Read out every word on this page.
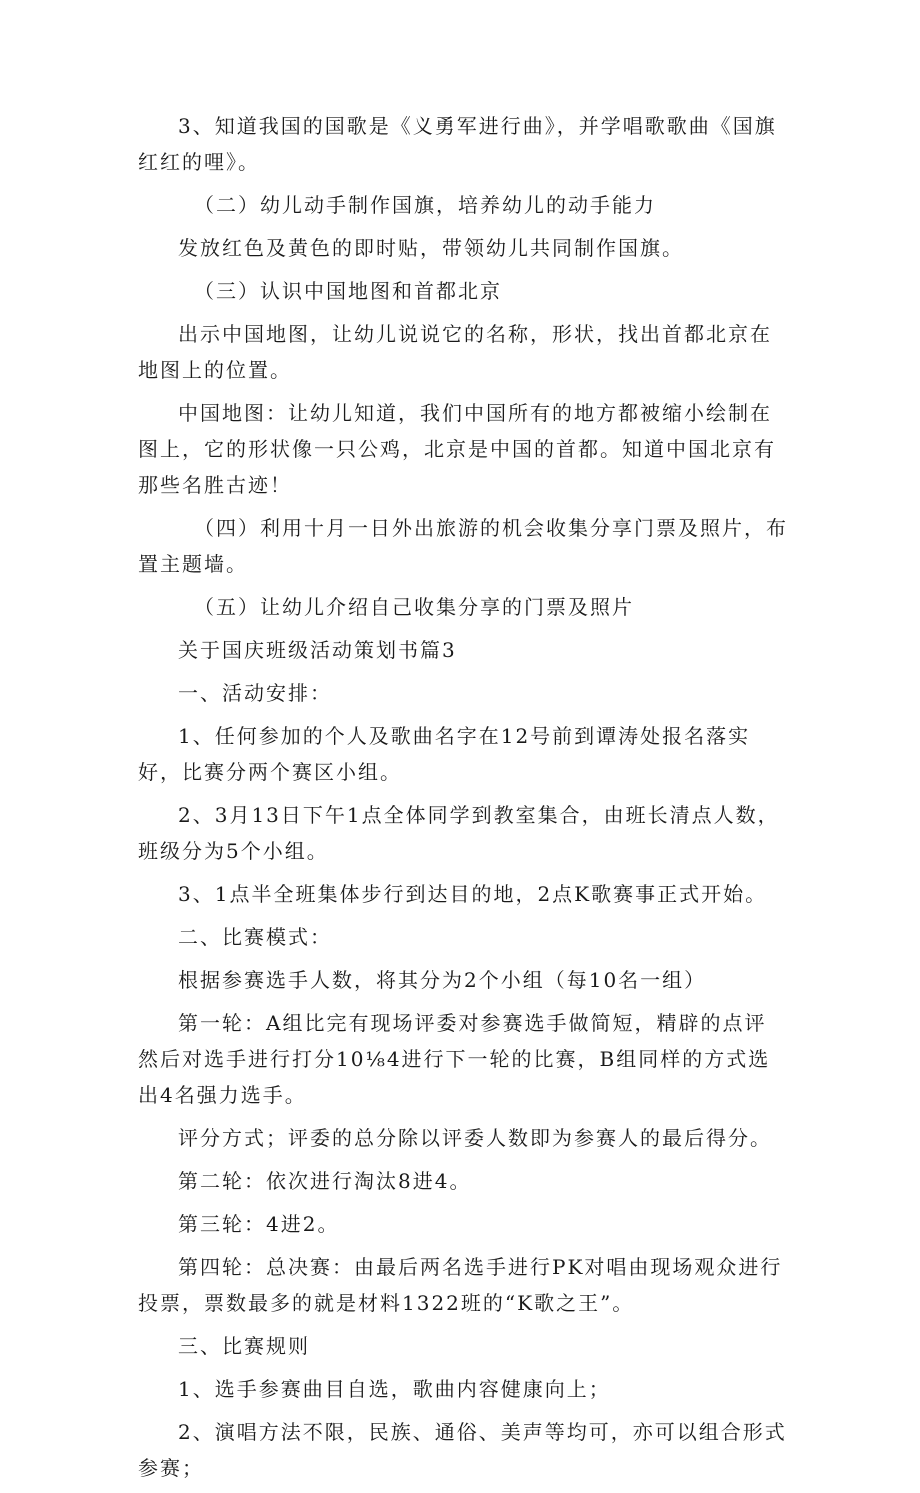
3、知道我国的国歌是《义勇军进行曲》，并学唱歌歌曲《国旗红红的哩》。

（二）幼儿动手制作国旗，培养幼儿的动手能力

发放红色及黄色的即时贴，带领幼儿共同制作国旗。

（三）认识中国地图和首都北京

出示中国地图，让幼儿说说它的名称，形状，找出首都北京在地图上的位置。

中国地图：让幼儿知道，我们中国所有的地方都被缩小绘制在图上，它的形状像一只公鸡，北京是中国的首都。知道中国北京有那些名胜古迹！

（四）利用十月一日外出旅游的机会收集分享门票及照片，布置主题墙。

（五）让幼儿介绍自己收集分享的门票及照片

关于国庆班级活动策划书篇3

一、活动安排：

1、任何参加的个人及歌曲名字在12号前到谭涛处报名落实好，比赛分两个赛区小组。

2、3月13日下午1点全体同学到教室集合，由班长清点人数，班级分为5个小组。

3、1点半全班集体步行到达目的地，2点K歌赛事正式开始。

二、比赛模式：

根据参赛选手人数，将其分为2个小组（每10名一组）

第一轮：A组比完有现场评委对参赛选手做简短，精辟的点评然后对选手进行打分10⅛4进行下一轮的比赛，B组同样的方式选出4名强力选手。

评分方式；评委的总分除以评委人数即为参赛人的最后得分。

第二轮：依次进行淘汰8进4。

第三轮：4进2。

第四轮：总决赛：由最后两名选手进行PK对唱由现场观众进行投票，票数最多的就是材料1322班的“K歌之王”。

三、比赛规则

1、选手参赛曲目自选，歌曲内容健康向上；

2、演唱方法不限，民族、通俗、美声等均可，亦可以组合形式参赛；
